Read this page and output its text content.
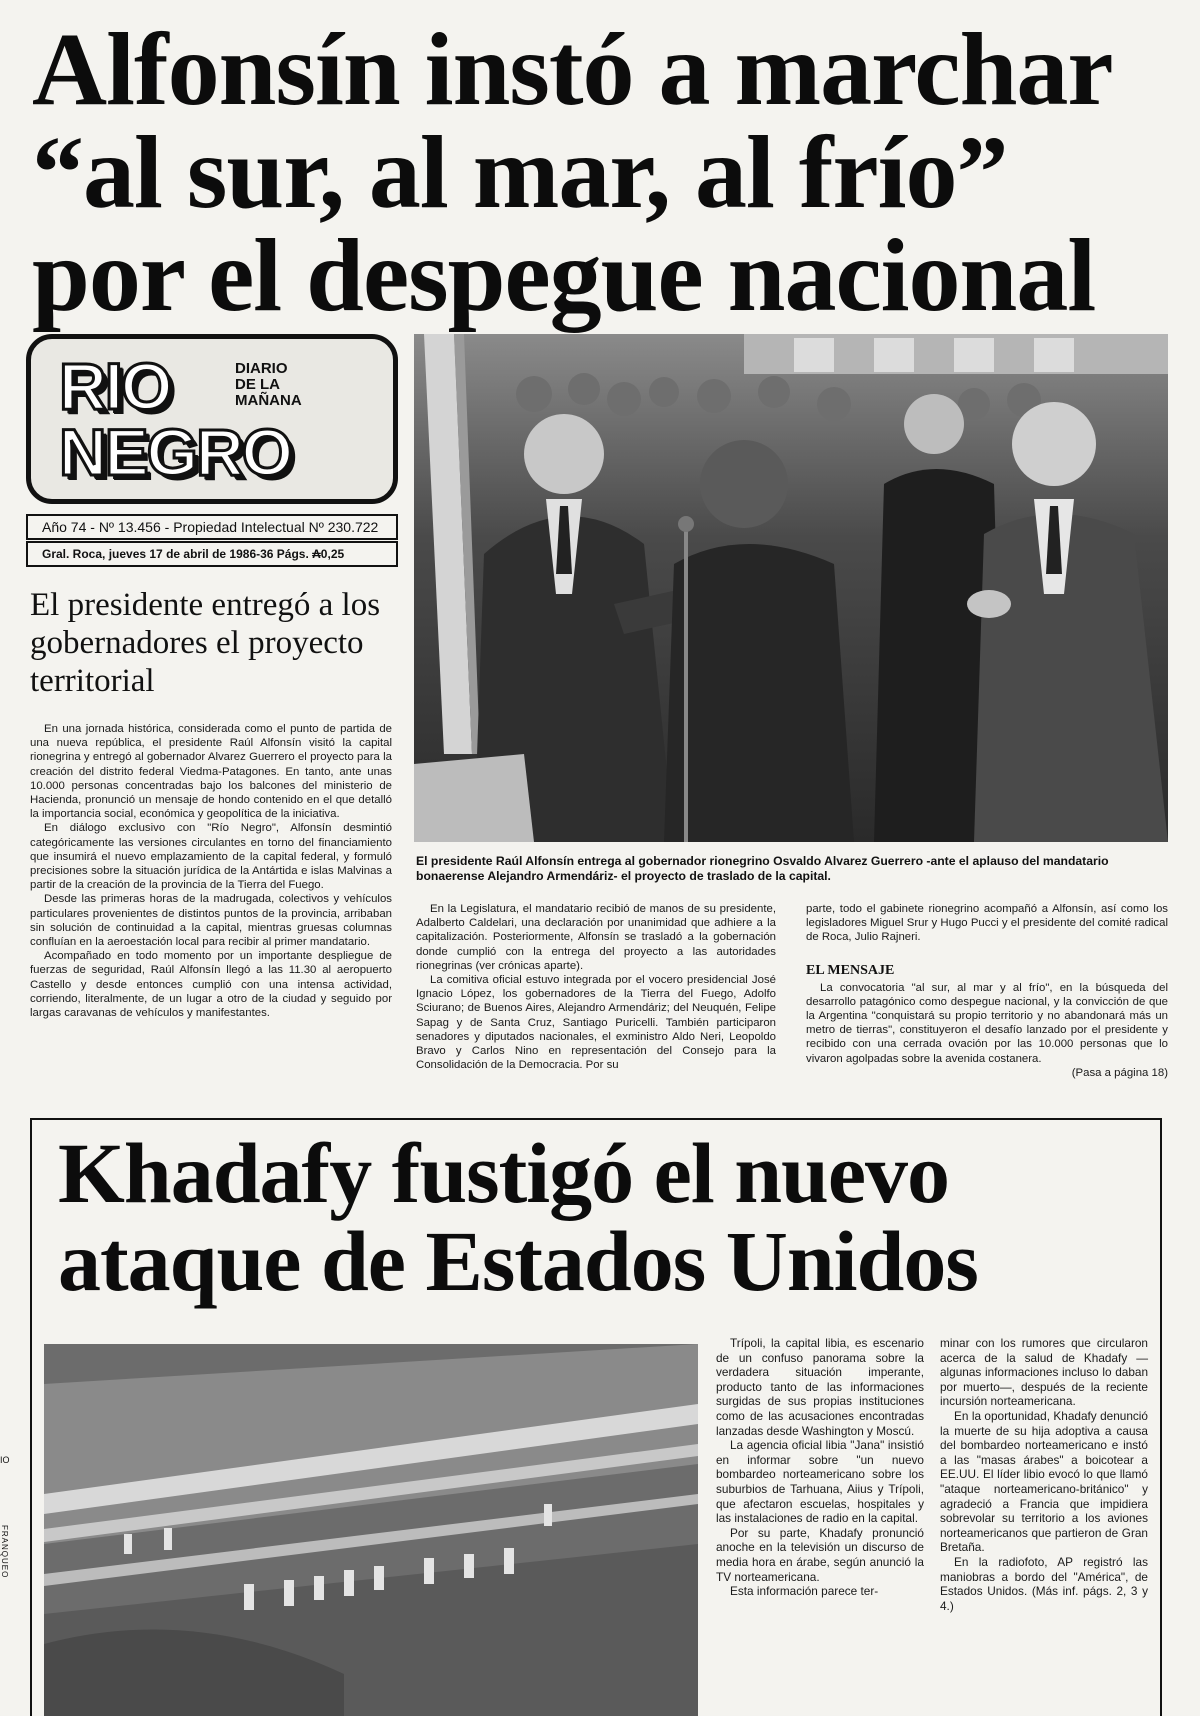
Alfonsín instó a marchar
“al sur, al mar, al frío”
por el despegue nacional
RIO
NEGRO
DIARIO
DE LA
MAÑANA
Año 74 - Nº 13.456 - Propiedad Intelectual Nº 230.722
Gral. Roca, jueves 17 de abril de 1986-36 Págs. ₳0,25
El presidente entregó a los gobernadores el proyecto territorial

En una jornada histórica, considerada como el punto de partida de una nueva república, el presidente Raúl Alfonsín visitó la capital rionegrina y entregó al gobernador Alvarez Guerrero el proyecto para la creación del distrito federal Viedma-Patagones. En tanto, ante unas 10.000 personas concentradas bajo los balcones del ministerio de Hacienda, pronunció un mensaje de hondo contenido en el que detalló la importancia social, económica y geopolítica de la iniciativa.

En diálogo exclusivo con "Río Negro", Alfonsín desmintió categóricamente las versiones circulantes en torno del financiamiento que insumirá el nuevo emplazamiento de la capital federal, y formuló precisiones sobre la situación jurídica de la Antártida e islas Malvinas a partir de la creación de la provincia de la Tierra del Fuego.

Desde las primeras horas de la madrugada, colectivos y vehículos particulares provenientes de distintos puntos de la provincia, arribaban sin solución de continuidad a la capital, mientras gruesas columnas confluían en la aeroestación local para recibir al primer mandatario.

Acompañado en todo momento por un importante despliegue de fuerzas de seguridad, Raúl Alfonsín llegó a las 11.30 al aeropuerto Castello y desde entonces cumplió con una intensa actividad, corriendo, literalmente, de un lugar a otro de la ciudad y seguido por largas caravanas de vehículos y manifestantes.

El presidente Raúl Alfonsín entrega al gobernador rionegrino Osvaldo Alvarez Guerrero -ante el aplauso del mandatario bonaerense Alejandro Armendáriz- el proyecto de traslado de la capital.

En la Legislatura, el mandatario recibió de manos de su presidente, Adalberto Caldelari, una declaración por unanimidad que adhiere a la capitalización. Posteriormente, Alfonsín se trasladó a la gobernación donde cumplió con la entrega del proyecto a las autoridades rionegrinas (ver crónicas aparte).

La comitiva oficial estuvo integrada por el vocero presidencial José Ignacio López, los gobernadores de la Tierra del Fuego, Adolfo Sciurano; de Buenos Aires, Alejandro Armendáriz; del Neuquén, Felipe Sapag y de Santa Cruz, Santiago Puricelli. También participaron senadores y diputados nacionales, el exministro Aldo Neri, Leopoldo Bravo y Carlos Nino en representación del Consejo para la Consolidación de la Democracia. Por su

parte, todo el gabinete rionegrino acompañó a Alfonsín, así como los legisladores Miguel Srur y Hugo Pucci y el presidente del comité radical de Roca, Julio Rajneri.

La convocatoria "al sur, al mar y al frío", en la búsqueda del desarrollo patagónico como despegue nacional, y la convicción de que la Argentina "conquistará su propio territorio y no abandonará más un metro de tierras", constituyeron el desafío lanzado por el presidente y recibido con una cerrada ovación por las 10.000 personas que lo vivaron agolpadas sobre la avenida costanera.

(Pasa a página 18)
EL MENSAJE
Khadafy fustigó el nuevo
ataque de Estados Unidos

Trípoli, la capital libia, es escenario de un confuso panorama sobre la verdadera situación imperante, producto tanto de las informaciones surgidas de sus propias instituciones como de las acusaciones encontradas lanzadas desde Washington y Moscú.

La agencia oficial libia "Jana" insistió en informar sobre "un nuevo bombardeo norteamericano sobre los suburbios de Tarhuana, Aiius y Trípoli, que afectaron escuelas, hospitales y las instalaciones de radio en la capital.

Por su parte, Khadafy pronunció anoche en la televisión un discurso de media hora en árabe, según anunció la TV norteamericana.

Esta información parece ter-

minar con los rumores que circularon acerca de la salud de Khadafy —algunas informaciones incluso lo daban por muerto—, después de la reciente incursión norteamericana.

En la oportunidad, Khadafy denunció la muerte de su hija adoptiva a causa del bombardeo norteamericano e instó a las "masas árabes" a boicotear a EE.UU. El líder libio evocó lo que llamó "ataque norteamericano-británico" y agradeció a Francia que impidiera sobrevolar su territorio a los aviones norteamericanos que partieron de Gran Bretaña.

En la radiofoto, AP registró las maniobras a bordo del "América", de Estados Unidos. (Más inf. págs. 2, 3 y 4.)

IO
FRANQUEO
